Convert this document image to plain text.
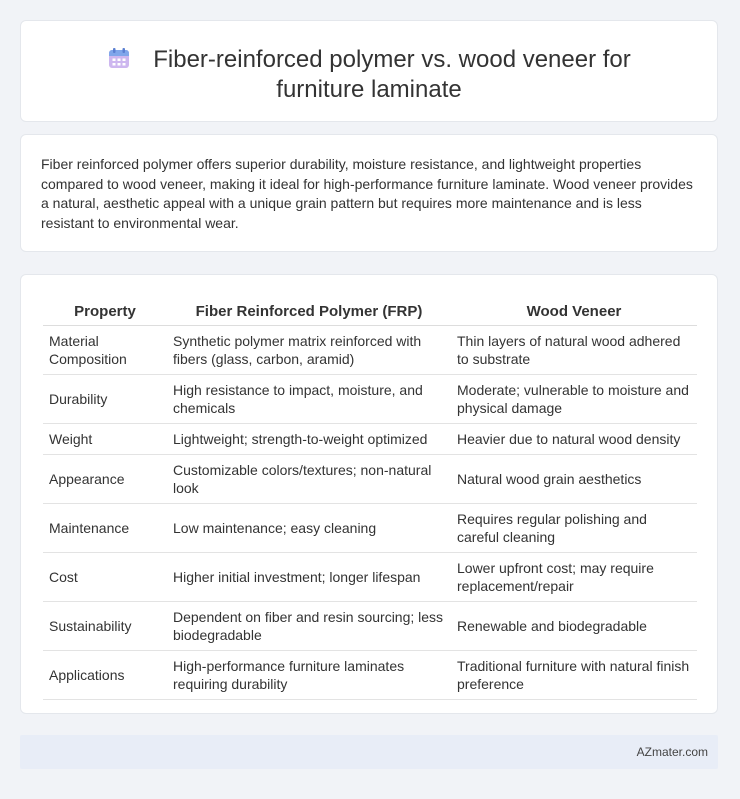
Fiber-reinforced polymer vs. wood veneer for furniture laminate

Fiber reinforced polymer offers superior durability, moisture resistance, and lightweight properties compared to wood veneer, making it ideal for high-performance furniture laminate. Wood veneer provides a natural, aesthetic appeal with a unique grain pattern but requires more maintenance and is less resistant to environmental wear.

Property	Fiber Reinforced Polymer (FRP)	Wood Veneer
Material Composition	Synthetic polymer matrix reinforced with fibers (glass, carbon, aramid)	Thin layers of natural wood adhered to substrate
Durability	High resistance to impact, moisture, and chemicals	Moderate; vulnerable to moisture and physical damage
Weight	Lightweight; strength-to-weight optimized	Heavier due to natural wood density
Appearance	Customizable colors/textures; non-natural look	Natural wood grain aesthetics
Maintenance	Low maintenance; easy cleaning	Requires regular polishing and careful cleaning
Cost	Higher initial investment; longer lifespan	Lower upfront cost; may require replacement/repair
Sustainability	Dependent on fiber and resin sourcing; less biodegradable	Renewable and biodegradable
Applications	High-performance furniture laminates requiring durability	Traditional furniture with natural finish preference
AZmater.com
